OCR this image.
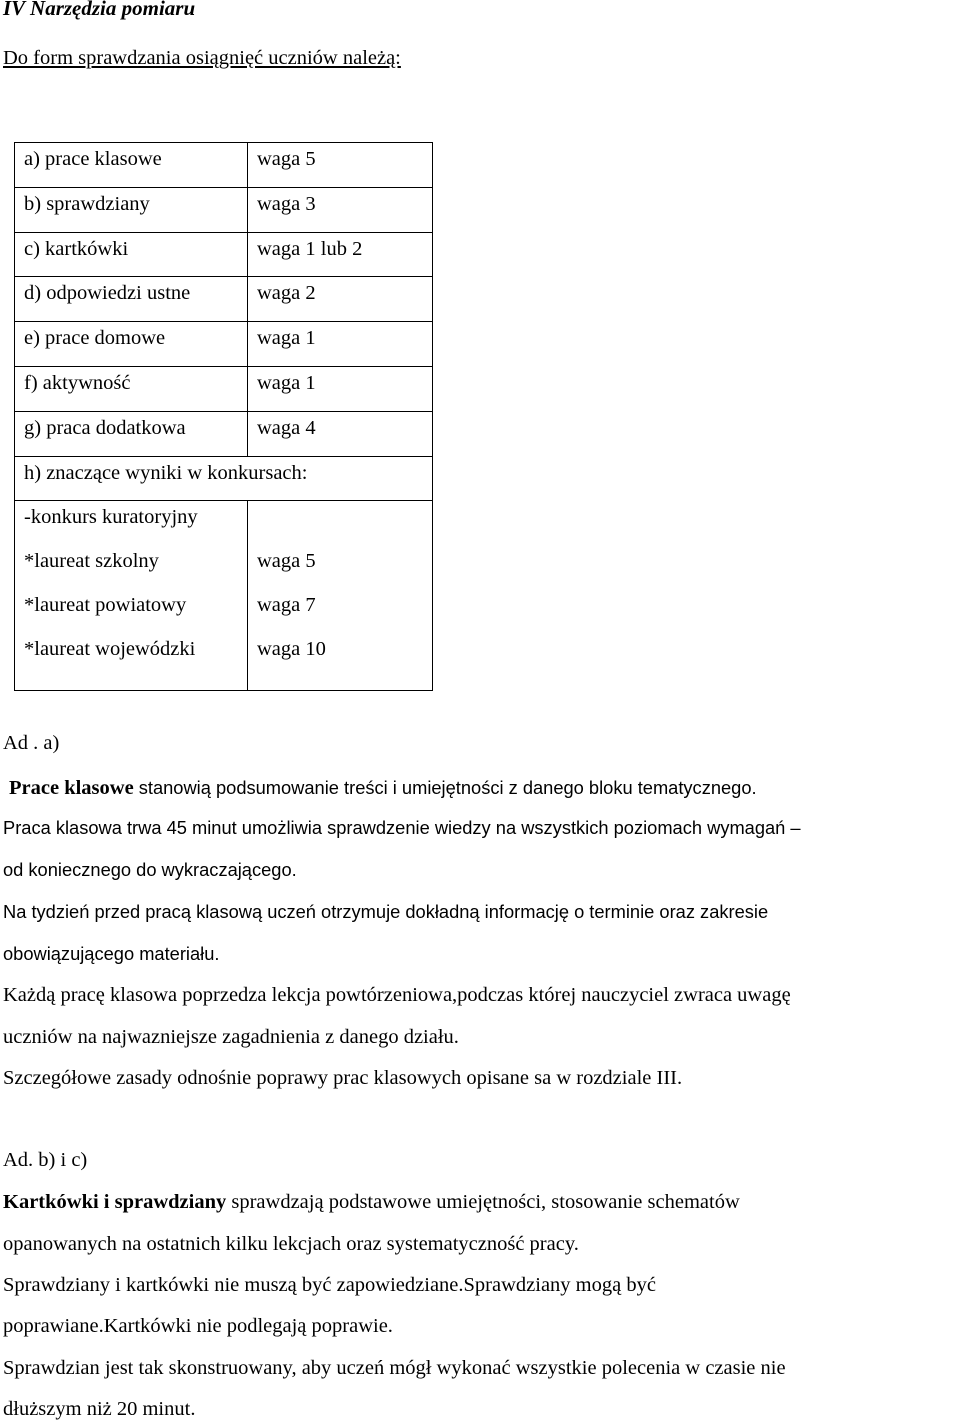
IV Narzędzia pomiaru

Do form sprawdzania osiągnięć uczniów należą:

a) prace klasowe	waga 5
b) sprawdziany	waga 3
c) kartkówki	waga 1 lub 2
d) odpowiedzi ustne	waga 2
e) prace domowe	waga 1
f) aktywność	waga 1
g) praca dodatkowa	waga 4
h) znaczące wyniki w konkursach:	
-konkurs kuratoryjny	
*laureat szkolny	waga 5
*laureat powiatowy	waga 7
*laureat wojewódzki	waga 10

Ad . a)

Prace klasowe stanowią podsumowanie treści i umiejętności z danego bloku tematycznego.

Praca klasowa trwa 45 minut umożliwia sprawdzenie wiedzy na wszystkich poziomach wymagań –

od koniecznego do wykraczającego.

Na tydzień przed pracą klasową uczeń otrzymuje dokładną informację o terminie oraz zakresie

obowiązującego materiału.

Każdą pracę klasowa poprzedza lekcja powtórzeniowa,podczas której nauczyciel zwraca uwagę

uczniów na najwazniejsze zagadnienia z danego działu.

Szczegółowe zasady odnośnie poprawy prac klasowych opisane sa w rozdziale III.

Ad. b) i c)

Kartkówki i sprawdziany sprawdzają podstawowe umiejętności, stosowanie schematów

opanowanych na ostatnich kilku lekcjach oraz systematyczność pracy.

Sprawdziany i kartkówki nie muszą być zapowiedziane.Sprawdziany mogą być

poprawiane.Kartkówki nie podlegają poprawie.

Sprawdzian jest tak skonstruowany, aby uczeń mógł wykonać wszystkie polecenia w czasie nie

dłuższym niż 20 minut.
